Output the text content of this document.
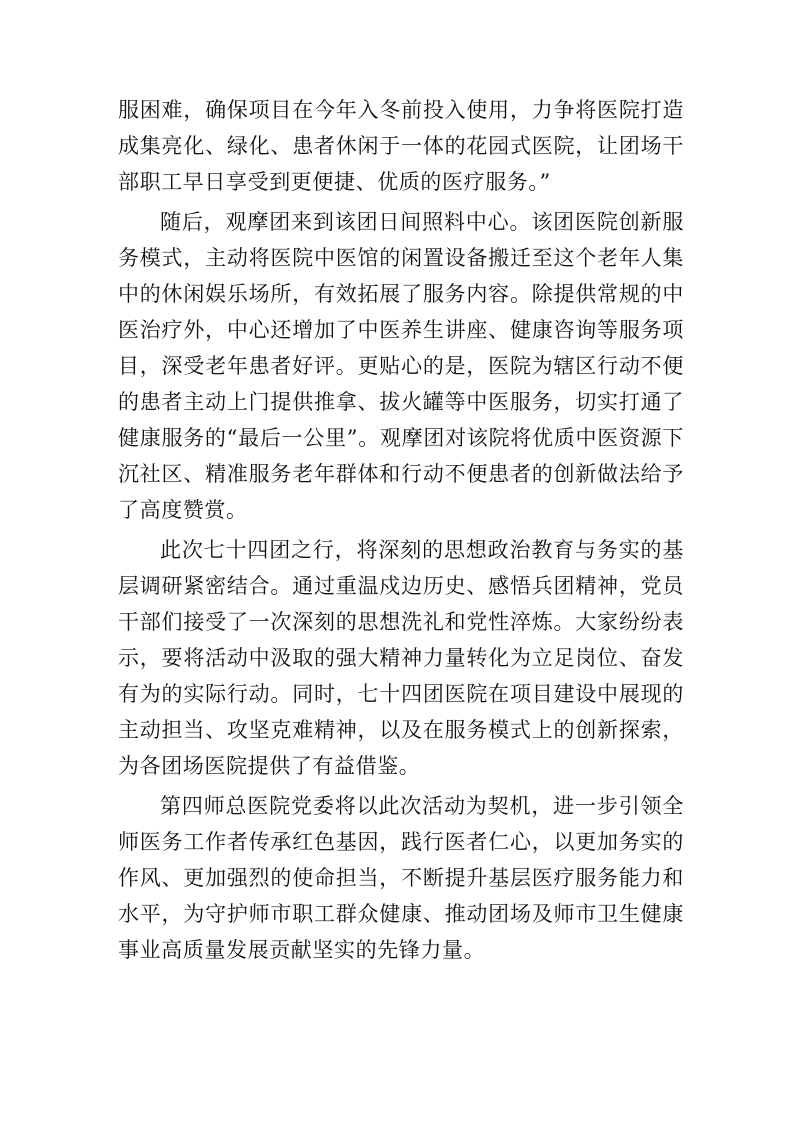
服困难，确保项目在今年入冬前投入使用，力争将医院打造成集亮化、绿化、患者休闲于一体的花园式医院，让团场干部职工早日享受到更便捷、优质的医疗服务。”

随后，观摩团来到该团日间照料中心。该团医院创新服务模式，主动将医院中医馆的闲置设备搬迁至这个老年人集中的休闲娱乐场所，有效拓展了服务内容。除提供常规的中医治疗外，中心还增加了中医养生讲座、健康咨询等服务项目，深受老年患者好评。更贴心的是，医院为辖区行动不便的患者主动上门提供推拿、拔火罐等中医服务，切实打通了健康服务的“最后一公里”。观摩团对该院将优质中医资源下沉社区、精准服务老年群体和行动不便患者的创新做法给予了高度赞赏。

此次七十四团之行，将深刻的思想政治教育与务实的基层调研紧密结合。通过重温戍边历史、感悟兵团精神，党员干部们接受了一次深刻的思想洗礼和党性淬炼。大家纷纷表示，要将活动中汲取的强大精神力量转化为立足岗位、奋发有为的实际行动。同时，七十四团医院在项目建设中展现的主动担当、攻坚克难精神，以及在服务模式上的创新探索，为各团场医院提供了有益借鉴。

第四师总医院党委将以此次活动为契机，进一步引领全师医务工作者传承红色基因，践行医者仁心，以更加务实的作风、更加强烈的使命担当，不断提升基层医疗服务能力和水平，为守护师市职工群众健康、推动团场及师市卫生健康事业高质量发展贡献坚实的先锋力量。
